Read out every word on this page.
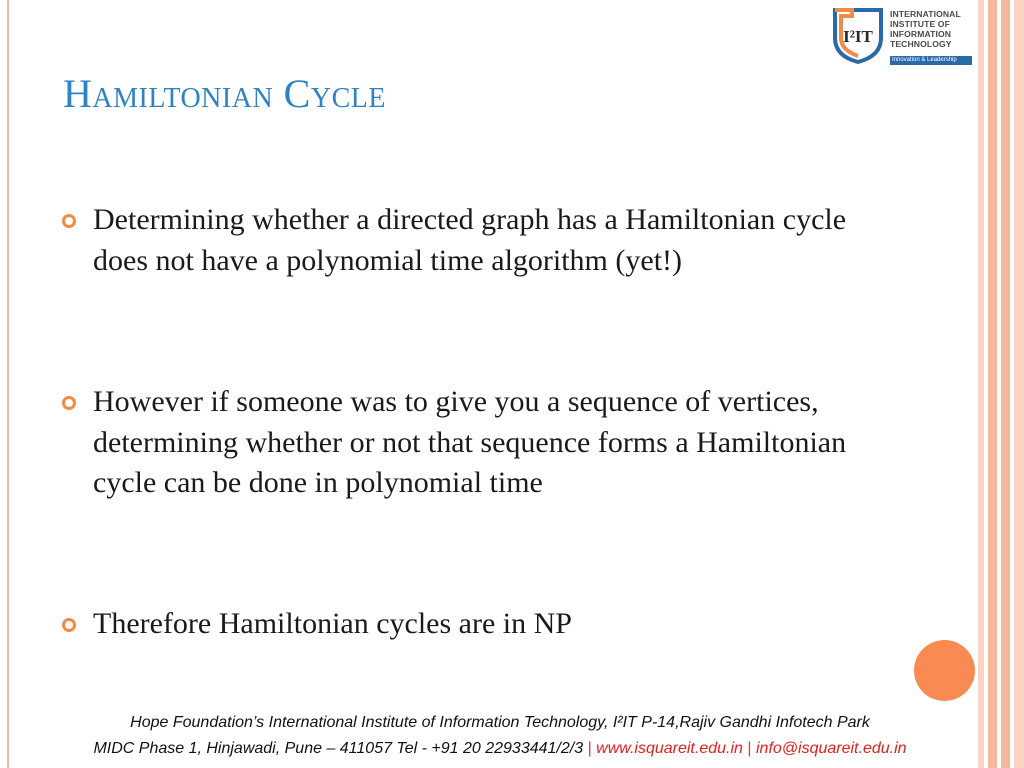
I²IT
INTERNATIONAL
INSTITUTE OF
INFORMATION
TECHNOLOGY
Innovation & Leadership
Hamiltonian Cycle
Determining whether a directed graph has a Hamiltonian cycle does not have a polynomial time algorithm (yet!)
However if someone was to give you a sequence of vertices, determining whether or not that sequence forms a Hamiltonian cycle can be done in polynomial time
Therefore Hamiltonian cycles are in NP
Hope Foundation’s International Institute of Information Technology, I²IT P-14,Rajiv Gandhi Infotech Park
MIDC Phase 1, Hinjawadi, Pune – 411057 Tel - +91 20 22933441/2/3 | www.isquareit.edu.in | info@isquareit.edu.in
